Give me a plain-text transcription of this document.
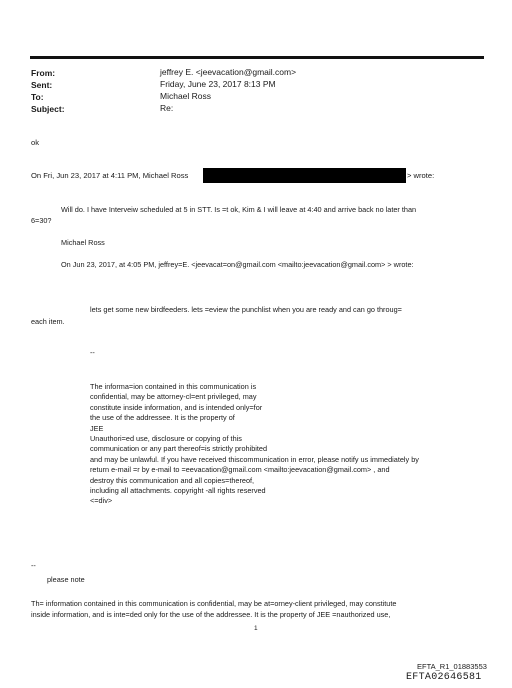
From:	jeffrey E. <jeevacation@gmail.com>
Sent:	Friday, June 23, 2017 8:13 PM
To:	Michael Ross
Subject:	Re:
ok
On Fri, Jun 23, 2017 at 4:11 PM, Michael Ross	> wrote:
Will do. I have Interveiw scheduled at 5 in STT. Is =t ok, Kim & I will leave at 4:40 and arrive back no later than
6=30?
Michael Ross
On Jun 23, 2017, at 4:05 PM, jeffrey=E. <jeevacat=on@gmail.com <mailto:jeevacation@gmail.com> > wrote:
lets get some new birdfeeders. lets =eview the punchlist when you are ready and can go throug=
each item.
--
The informa=ion contained in this communication is
confidential, may be attorney-cl=ent privileged, may
constitute inside information, and is intended only=for
the use of the addressee. It is the property of
JEE
Unauthori=ed use, disclosure or copying of this
communication or any part thereof=is strictly prohibited
and may be unlawful. If you have received thiscommunication in error, please notify us immediately by
return e-mail =r by e-mail to =eevacation@gmail.com <mailto:jeevacation@gmail.com> , and
destroy this communication and all copies=thereof,
including all attachments. copyright -all rights reserved
<=div>
--
please note
Th= information contained in this communication is confidential, may be at=orney-client privileged, may constitute
inside information, and is inte=ded only for the use of the addressee. It is the property of JEE =nauthorized use,
1
EFTA_R1_01883553
EFTA02646581
